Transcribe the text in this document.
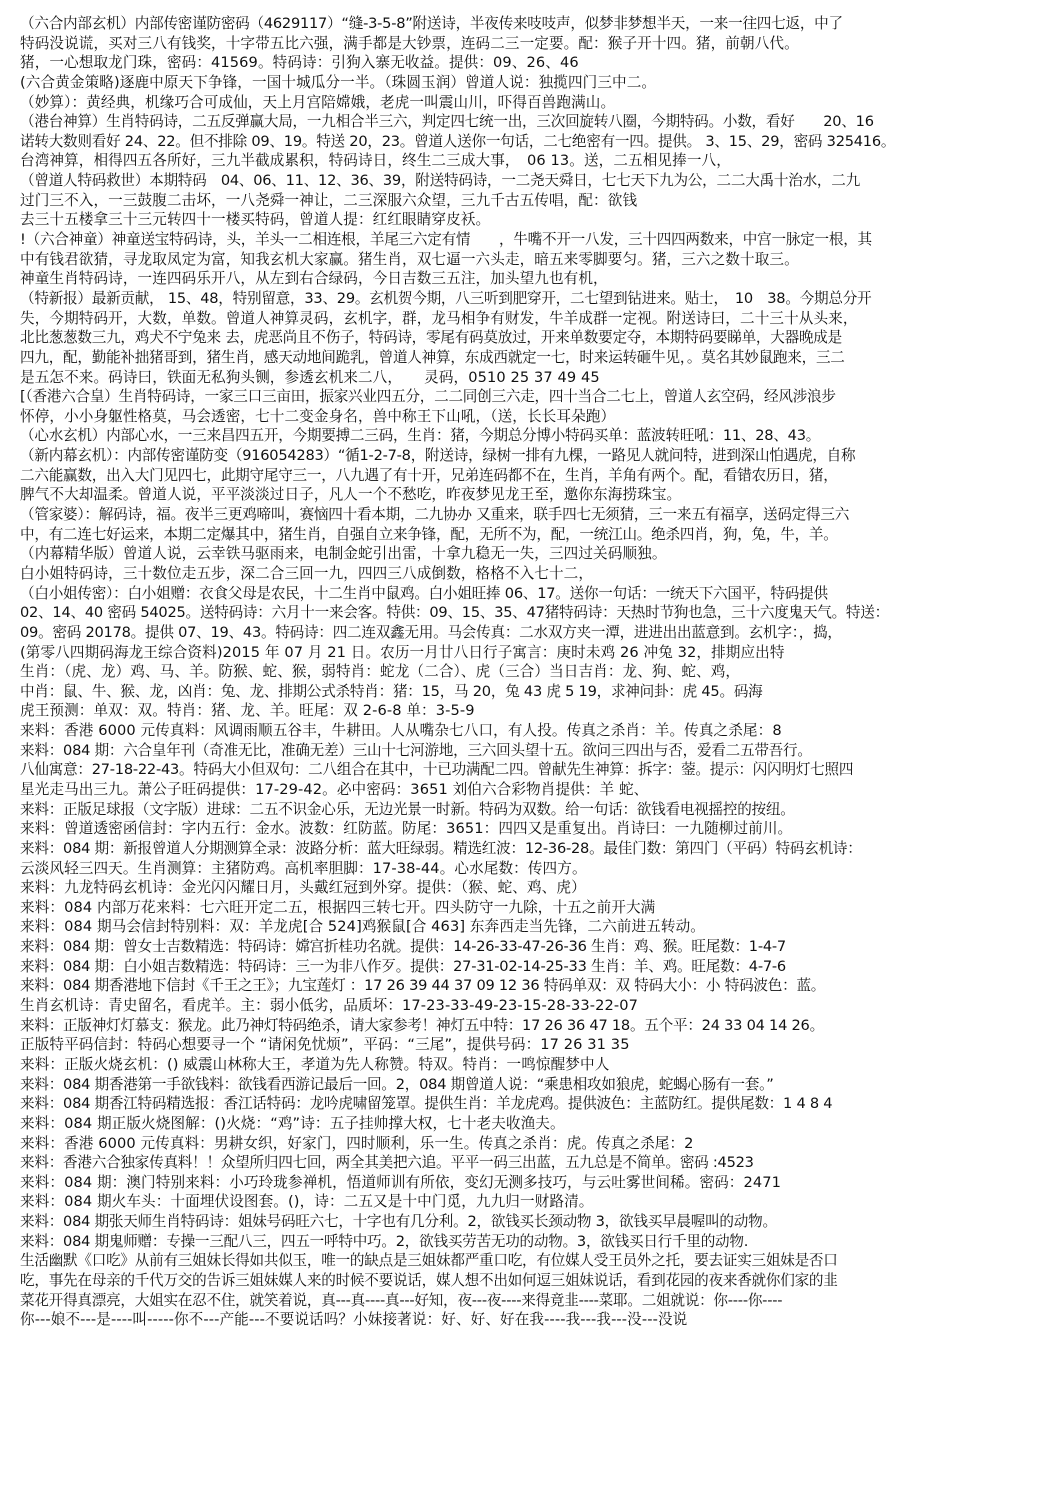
（六合内部玄机）内部传密谨防密码（4629117）“缝-3-5-8”附送诗，半夜传来吱吱声，似梦非梦想半天，一来一往四七返，中了
特码没说谎，买对三八有钱奖，十字带五比六强，满手都是大钞票，连码二三一定要。配：猴子开十四。猪，前朝八代。
猪，一心想取龙门珠，密码：41569。特码诗：引狗入寨无收益。提供：09、26、46
(六合黄金策略)逐鹿中原天下争锋，一国十城瓜分一半。（珠圆玉润）曾道人说：独揽四门三中二。
（妙算）：黄经典，机缘巧合可成仙，天上月宫陪嫦娥，老虎一叫震山川，吓得百兽跑满山。
（港台神算）生肖特码诗，二五反弹赢大局，一九相合半三六，判定四七统一出，三次回旋转八圈，今期特码。小数，看好　　20、16
诺转大数则看好 24、22。但不排除 09、19。特送 20，23。曾道人送你一句话，二七绝密有一四。提供。 3、15、29，密码 325416。
台湾神算，相得四五各所好，三九半截成累积，特码诗日，终生二三成大事，　06 13。送，二五相见捧一八，
（曾道人特码救世）本期特码　04、06、11、12、36、39，附送特码诗，一二尧天舜日，七七天下九为公，二二大禹十治水，二九
过门三不入，一三鼓腹二击坏，一八尧舜一神让，二三深服六众望，三九千古五传唱，配：欲钱
去三十五楼拿三十三元转四十一楼买特码，曾道人提：红红眼睛穿皮袄。
!（六合神童）神童送宝特码诗，头，羊头一二相连根，羊尾三六定有情　　，牛嘴不开一八发，三十四四两数来，中宫一脉定一根，其
中有钱君欲猜，寻龙取凤定为富，知我玄机大家赢。猪生肖，双七逼一六头走，暗五来零脚要匀。猪，三六之数十取三。
神童生肖特码诗，一连四码乐开八，从左到右合绿码，今日吉数三五注，加头望九也有机，
（特新报）最新贡献， 15、48，特别留意，33、29。玄机贺今期，八三听到肥穿开，二七望到钻进来。贴士，　10　38。今期总分开
失，今期特码开，大数，单数。曾道人神算灵码，玄机字，群，龙马相争有财发，牛羊成群一定视。附送诗曰，二十三十从头来，
北比葱葱数三九，鸡犬不宁兔来 去，虎恶尚且不伤子，特码诗，零尾有码莫放过，开来单数要定夺，本期特码要睇单，大器晚成是
四九，配，勤能补拙猪哥到，猪生肖，感天动地间跪乳，曾道人神算，东成西就定一七，时来运转砸牛见，。莫名其妙鼠跑来，三二
是五怎不来。码诗曰，铁面无私狗头铡，参透玄机来二八，　　灵码，0510 25 37 49 45
[（香港六合皇）生肖特码诗，一家三口三亩田，振家兴业四五分，二二同创三六走，四十当合二七上，曾道人玄空码，经风涉浪步
怀停，小小身躯性格莫，马会透密，七十二变金身名，兽中称王下山吼，（送，长长耳朵跑）
（心水玄机）内部心水，一三来昌四五开，今期要搏二三码，生肖：猪，今期总分博小特码买单：蓝波转旺吼：11、28、43。
（新内幕玄机）：内部传密谨防变（916054283）“循1-2-7-8，附送诗，绿树一排有九棵，一路见人就问特，进到深山怕遇虎，自称
二六能赢数，出入大门见四七，此期守尾守三一，八九遇了有十开，兄弟连码都不在，生肖，羊角有两个。配，看错农历日，猪，
脾气不大却温柔。曾道人说，平平淡淡过日子，凡人一个不愁吃，昨夜梦见龙王至，邀你东海捞珠宝。
（管家婆）：解码诗，福。夜半三更鸡啼叫，赛恼四十看本期，二九协办 又重来，联手四七无须猜，三一来五有福享，送码定得三六
中，有二连七好运来，本期二定爆其中，猪生肖，自强自立来争锋，配，无所不为，配，一统江山。绝杀四肖，狗，兔，牛，羊。
（内幕精华版）曾道人说，云幸铁马驱雨来，电制金蛇引出雷，十拿九稳无一失，三四过关码顺独。
白小姐特码诗，三十数位走五步，深二合三回一九，四四三八成倒数，格格不入七十二，
（白小姐传密）：白小姐赠：衣食父母是农民，十二生肖中鼠鸡。白小姐旺捧 06、17。送你一句话：一统天下六国平，特码提供
02、14、40 密码 54025。送特码诗：六月十一来会客。特供：09、15、35、47猪特码诗：天热时节狗也急，三十六度鬼天气。特送：
09。密码 20178。提供 07、19、43。特码诗：四二连双鑫无用。马会传真：二水双方夹一潭，进进出出蓝意到。玄机字：，捣，
(第零八四期码海龙王综合资料)2015 年 07 月 21 日。农历一月廿八日行子寓言：庚时未鸡 26 冲兔 32，排期应出特
生肖：（虎、龙）鸡、马、羊。防猴、蛇、猴，弱特肖：蛇龙（二合）、虎（三合）当日吉肖：龙、狗、蛇、鸡，
中肖：鼠、牛、猴、龙，凶肖：兔、龙、排期公式杀特肖：猪：15，马 20，兔 43 虎 5 19，求神问卦：虎 45。码海
虎王预测：单双：双。特肖：猪、龙、羊。旺尾：双 2-6-8 单：3-5-9
来料：香港 6000 元传真料：风调雨顺五谷丰，牛耕田。人从嘴杂七八口，有人投。传真之杀肖：羊。传真之杀尾：8
来料：084 期：六合皇年刊（奇准无比，准确无差）三山十七河游地，三六回头望十五。欲问三四出与否，爱看二五带吾行。
八仙寓意：27-18-22-43。特码大小但双句：二八组合在其中，十已功满配二四。曾献先生神算：拆字：蓥。提示：闪闪明灯七照四
星光走马出三九。萧公子旺码提供：17-29-42。必中密码：3651 刘伯六合彩物肖提供：羊 蛇、
来料：正版足球报（文字版）进球：二五不识金心乐，无边光景一时新。特码为双数。给一句话：欲钱看电视摇控的按纽。
来料：曾道透密函信封：字内五行：金水。波数：红防蓝。防尾：3651：四四又是重复出。肖诗曰：一九随柳过前川。
来料：084 期：新报曾道人分期测算全录：波路分析：蓝大旺绿弱。精选红波：12-36-28。最佳门数：第四门（平码）特码玄机诗：
云淡风轻三四天。生肖测算：主猪防鸡。高机率胆脚：17-38-44。心水尾数：传四方。
来料：九龙特码玄机诗：金光闪闪耀日月，头戴红冠到外穿。提供：（猴、蛇、鸡、虎）
来料：084 内部万花来料：七六旺开定二五，根据四三转七开。四头防守一九除，十五之前开大满
来料：084 期马会信封特别料：双：羊龙虎[合 524]鸡猴鼠[合 463] 东奔西走当先锋，二六前进五转动。
来料：084 期：曾女士吉数精选：特码诗：嫦宫折桂功名就。提供：14-26-33-47-26-36 生肖：鸡、猴。旺尾数：1-4-7
来料：084 期：白小姐吉数精选：特码诗：三一为非八作歹。提供：27-31-02-14-25-33 生肖：羊、鸡。旺尾数：4-7-6
来料：084 期香港地下信封《千王之王》；九宝莲灯 ：17 26 39 44 37 09 12 36 特码单双：双 特码大小：小 特码波色：蓝。
生肖玄机诗：青史留名，看虎羊。主：弱小低劣，品质坏：17-23-33-49-23-15-28-33-22-07
来料：正版神灯灯慕支：猴龙。此乃神灯特码绝杀，请大家参考！神灯五中特：17 26 36 47 18。五个平：24 33 04 14 26。
正版特平码信封：特码心想要寻一个 “请闲免忧烦”，平码：“三尾”，提供号码：17 26 31 35
来料：正版火烧玄机：() 威震山林称大王，孝道为先人称赞。特双。特肖：一鸣惊醒梦中人
来料：084 期香港第一手欲钱料：欲钱看西游记最后一回。2，084 期曾道人说：“乘患相攻如狼虎，蛇蝎心肠有一套。”
来料：084 期香江特码精选报：香江话特码：龙吟虎啸留笼罩。提供生肖：羊龙虎鸡。提供波色：主蓝防红。提供尾数：1 4 8 4
来料：084 期正版火烧图解：()火烧：“鸡”诗：五子挂帅撑大权，七十老夫收渔夫。
来料：香港 6000 元传真料：男耕女织，好家门，四时顺利，乐一生。传真之杀肖：虎。传真之杀尾：2
来料：香港六合独家传真料！！众望所归四七回，两全其美把六追。平平一码三出蓝，五九总是不简单。密码 :4523
来料：084 期：澳门特别来料：小巧玲珑参禅机，悟道师训有所依，变幻无测多技巧，与云吐雾世间稀。密码：2471
来料：084 期火车头：十面埋伏设图套。()，诗：二五又是十中门觅，九九归一财路清。
来料：084 期张天师生肖特码诗：姐妹号码旺六七，十字也有几分利。2，欲钱买长颈动物 3，欲钱买早晨喔叫的动物。
来料：084 期鬼师赠：专操一三配八三，四五一呼特中巧。2，欲钱买劳苦无功的动物。3，欲钱买日行千里的动物.
生活幽默《口吃》从前有三姐妹长得如共似玉，唯一的缺点是三姐妹都严重口吃，有位媒人受王员外之托，要去证实三姐妹是否口
吃，事先在母亲的千代万交的告诉三姐妹媒人来的时候不要说话，媒人想不出如何逗三姐妹说话，看到花园的夜来香就你们家的韭
菜花开得真漂亮，大姐实在忍不住，就笑着说，真---真----真---好知，夜---夜----来得竟韭----菜耶。二姐就说：你----你----
你---娘不---是----叫-----你不---产能---不要说话吗？小妹接著说：好、好、好在我----我---我---没---没说
